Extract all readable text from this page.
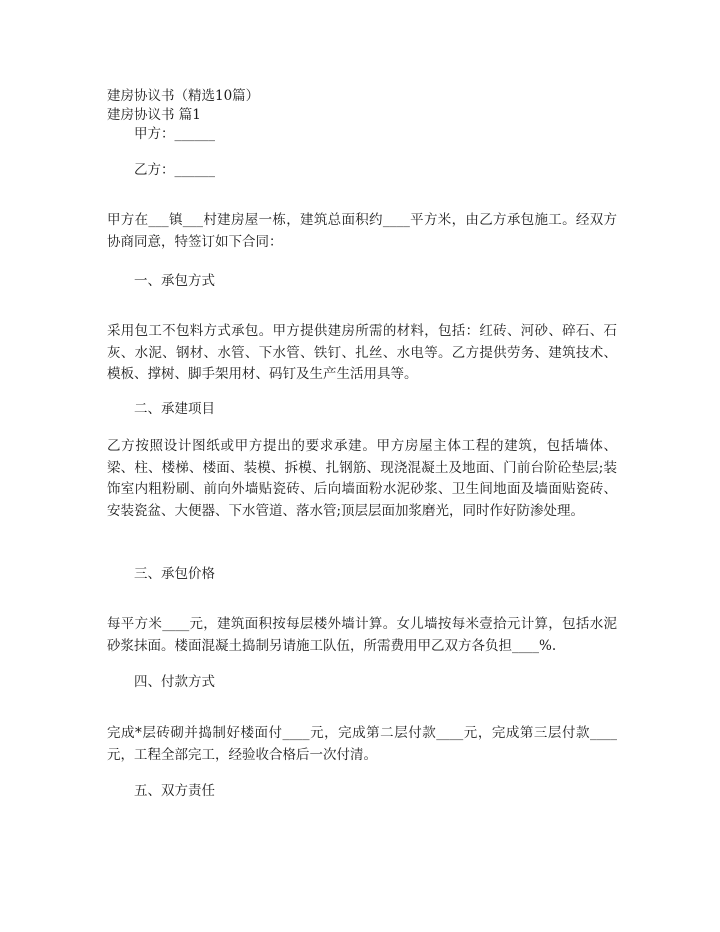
建房协议书（精选10篇）
建房协议书 篇1
甲方：______
乙方：______
甲方在___镇___村建房屋一栋，建筑总面积约____平方米，由乙方承包施工。经双方协商同意，特签订如下合同：
一、承包方式
采用包工不包料方式承包。甲方提供建房所需的材料，包括：红砖、河砂、碎石、石灰、水泥、钢材、水管、下水管、铁钉、扎丝、水电等。乙方提供劳务、建筑技术、模板、撑树、脚手架用材、码钉及生产生活用具等。
二、承建项目
乙方按照设计图纸或甲方提出的要求承建。甲方房屋主体工程的建筑，包括墙体、梁、柱、楼梯、楼面、装模、拆模、扎钢筋、现浇混凝土及地面、门前台阶砼垫层;装饰室内粗粉刷、前向外墙贴瓷砖、后向墙面粉水泥砂浆、卫生间地面及墙面贴瓷砖、安装瓷盆、大便器、下水管道、落水管;顶层层面加浆磨光，同时作好防渗处理。
三、承包价格
每平方米____元，建筑面积按每层楼外墙计算。女儿墙按每米壹拾元计算，包括水泥砂浆抹面。楼面混凝土捣制另请施工队伍，所需费用甲乙双方各负担____%.
四、付款方式
完成*层砖砌并捣制好楼面付____元，完成第二层付款____元，完成第三层付款____元，工程全部完工，经验收合格后一次付清。
五、双方责任
